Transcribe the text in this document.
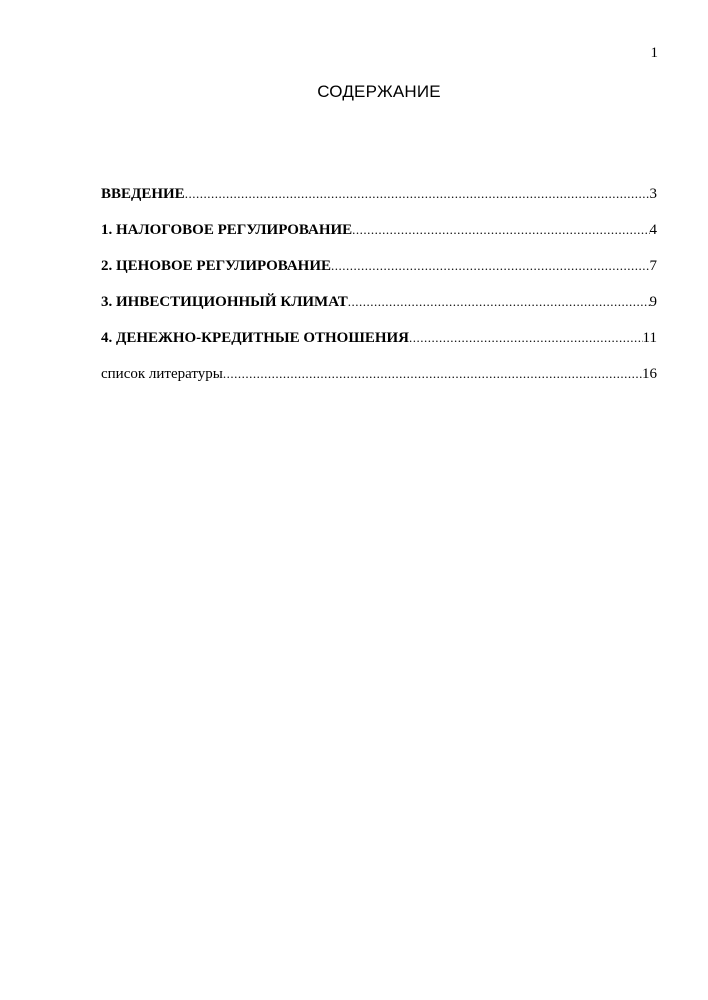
1
СОДЕРЖАНИЕ
ВВЕДЕНИЕ .....	3
1. НАЛОГОВОЕ РЕГУЛИРОВАНИЕ .....	4
2. ЦЕНОВОЕ РЕГУЛИРОВАНИЕ .....	7
3. ИНВЕСТИЦИОННЫЙ КЛИМАТ .....	9
4. ДЕНЕЖНО-КРЕДИТНЫЕ ОТНОШЕНИЯ .....	11
список литературы .....	16
